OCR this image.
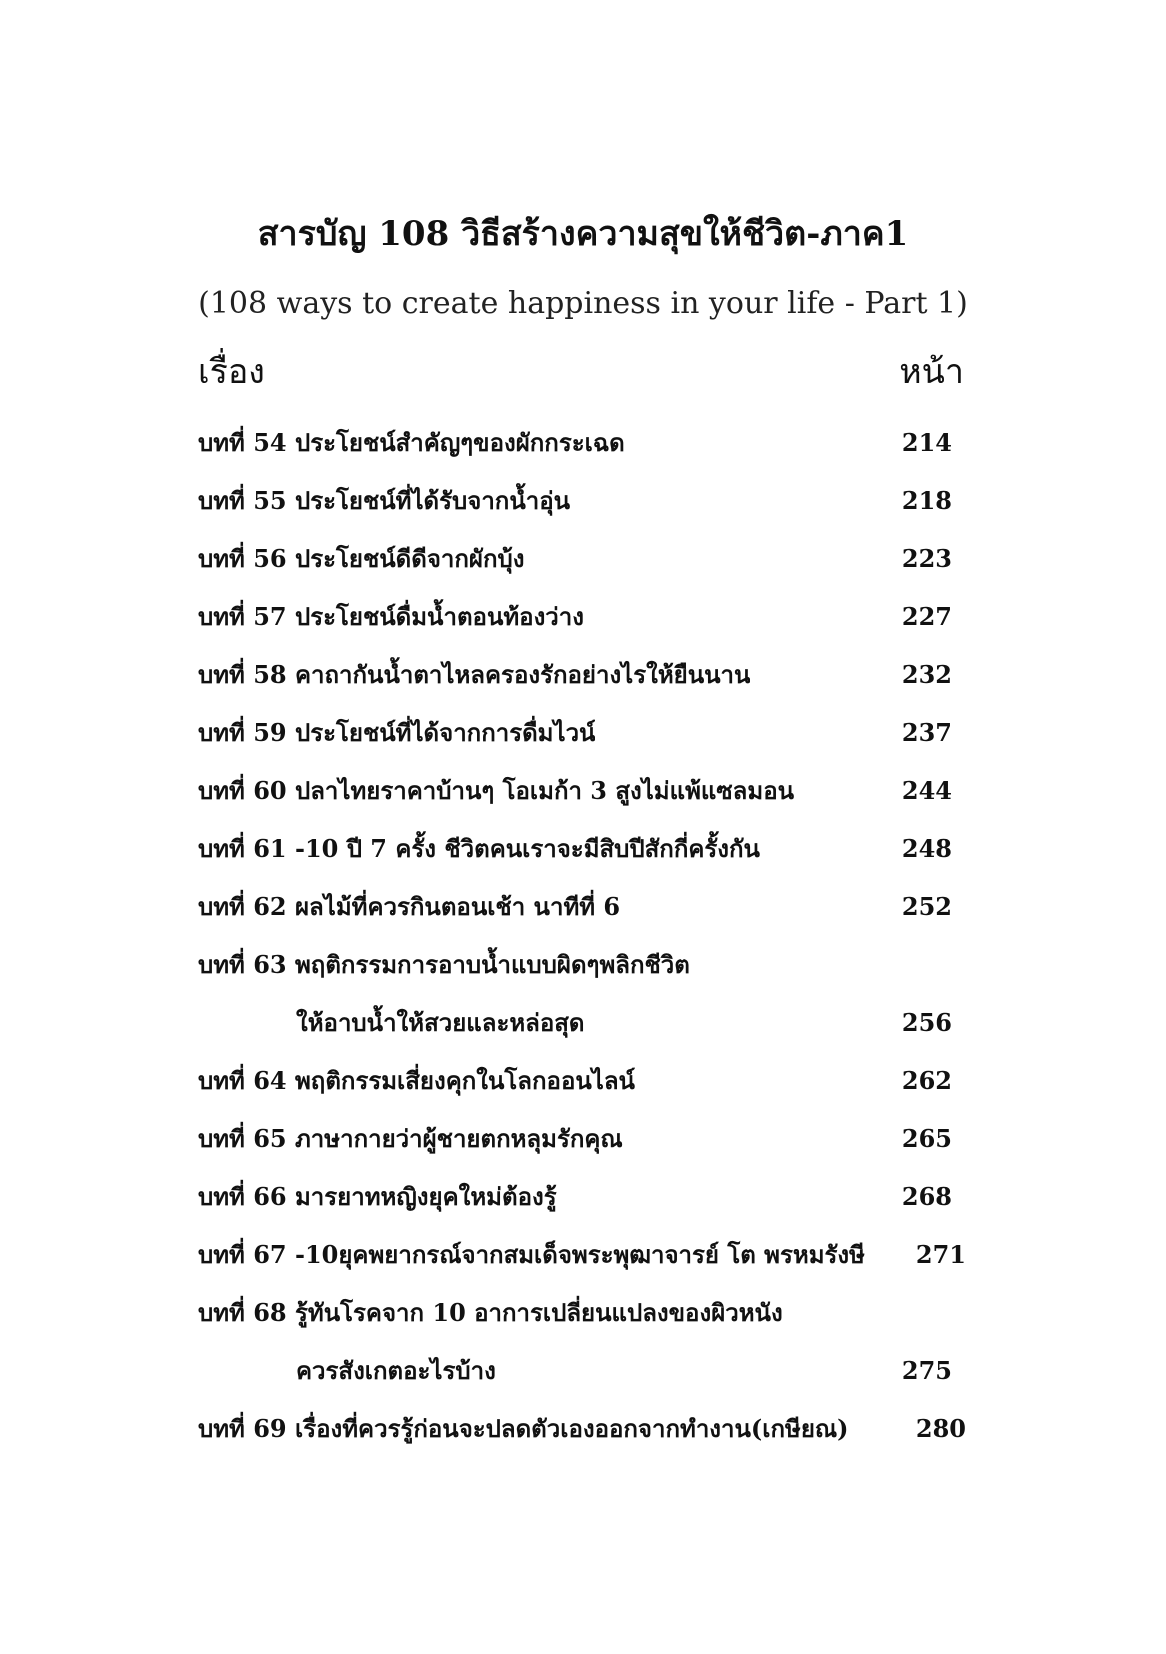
สารบัญ 108 วิธีสร้างความสุขให้ชีวิต-ภาค1
(108 ways to create happiness in your life - Part 1)
เรื่อง	หน้า
บทที่ 54 ประโยชน์สำคัญๆของผักกระเฉด	214
บทที่ 55 ประโยชน์ที่ได้รับจากน้ำอุ่น	218
บทที่ 56 ประโยชน์ดีดีจากผักบุ้ง	223
บทที่ 57 ประโยชน์ดื่มน้ำตอนท้องว่าง	227
บทที่ 58 คาถากันน้ำตาไหลครองรักอย่างไรให้ยืนนาน	232
บทที่ 59 ประโยชน์ที่ได้จากการดื่มไวน์	237
บทที่ 60 ปลาไทยราคาบ้านๆ โอเมก้า 3 สูงไม่แพ้แซลมอน	244
บทที่ 61 -10 ปี 7 ครั้ง ชีวิตคนเราจะมีสิบปีสักกี่ครั้งกัน	248
บทที่ 62 ผลไม้ที่ควรกินตอนเช้า นาทีที่ 6	252
บทที่ 63 พฤติกรรมการอาบน้ำแบบผิดๆพลิกชีวิต
ให้อาบน้ำให้สวยและหล่อสุด	256
บทที่ 64 พฤติกรรมเสี่ยงคุกในโลกออนไลน์	262
บทที่ 65 ภาษากายว่าผู้ชายตกหลุมรักคุณ	265
บทที่ 66 มารยาทหญิงยุคใหม่ต้องรู้	268
บทที่ 67 -10ยุคพยากรณ์จากสมเด็จพระพุฒาจารย์ โต พรหมรังษี	271
บทที่ 68 รู้ทันโรคจาก 10 อาการเปลี่ยนแปลงของผิวหนัง
ควรสังเกตอะไรบ้าง	275
บทที่ 69 เรื่องที่ควรรู้ก่อนจะปลดตัวเองออกจากทำงาน(เกษียณ)	280
